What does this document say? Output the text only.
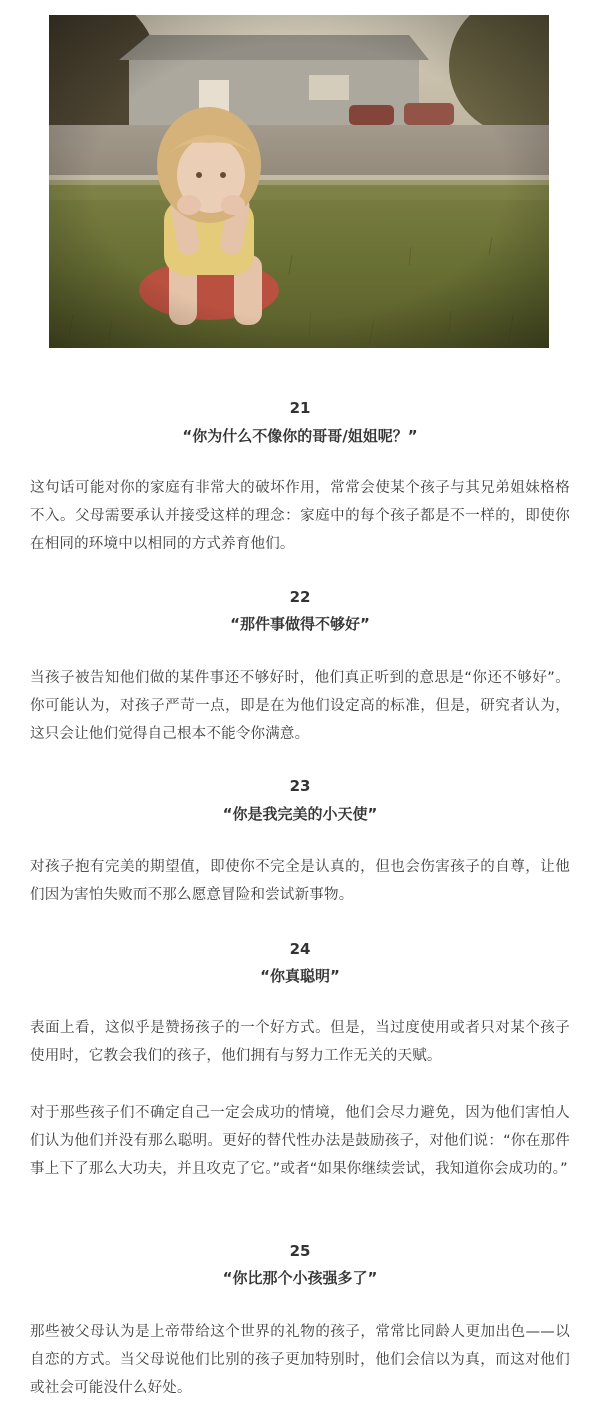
21
“你为什么不像你的哥哥/姐姐呢？”

这句话可能对你的家庭有非常大的破坏作用，常常会使某个孩子与其兄弟姐妹格格不入。父母需要承认并接受这样的理念：家庭中的每个孩子都是不一样的，即使你在相同的环境中以相同的方式养育他们。

22
“那件事做得不够好”

当孩子被告知他们做的某件事还不够好时，他们真正听到的意思是“你还不够好”。你可能认为，对孩子严苛一点，即是在为他们设定高的标准，但是，研究者认为，这只会让他们觉得自己根本不能令你满意。

23
“你是我完美的小天使”

对孩子抱有完美的期望值，即使你不完全是认真的，但也会伤害孩子的自尊，让他们因为害怕失败而不那么愿意冒险和尝试新事物。

24
“你真聪明”

表面上看，这似乎是赞扬孩子的一个好方式。但是，当过度使用或者只对某个孩子使用时，它教会我们的孩子，他们拥有与努力工作无关的天赋。

对于那些孩子们不确定自己一定会成功的情境，他们会尽力避免，因为他们害怕人们认为他们并没有那么聪明。更好的替代性办法是鼓励孩子，对他们说：“你在那件事上下了那么大功夫，并且攻克了它。”或者“如果你继续尝试，我知道你会成功的。”

25
“你比那个小孩强多了”

那些被父母认为是上帝带给这个世界的礼物的孩子，常常比同龄人更加出色——以自恋的方式。当父母说他们比别的孩子更加特别时，他们会信以为真，而这对他们或社会可能没什么好处。
